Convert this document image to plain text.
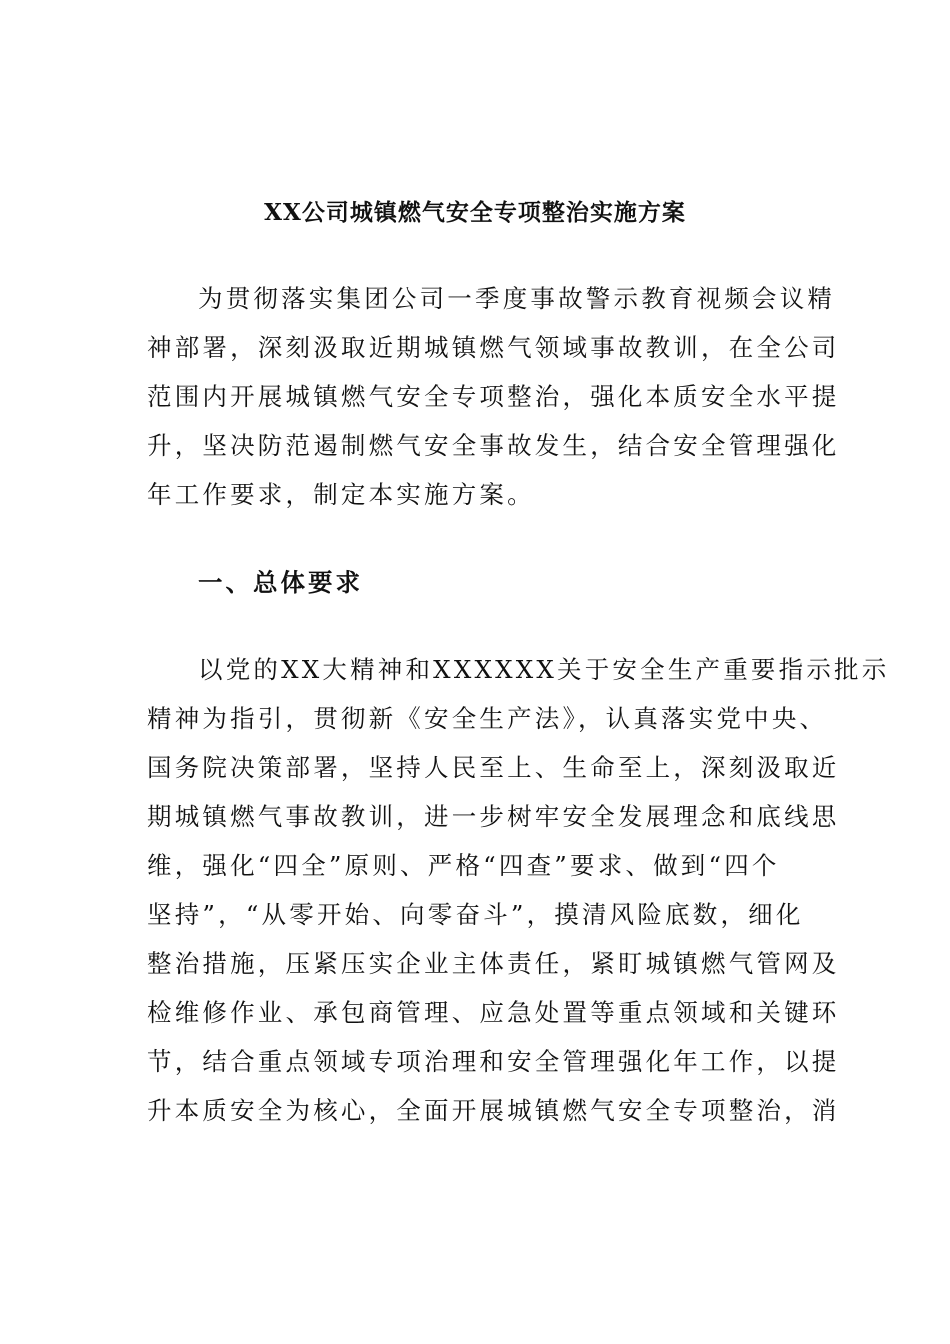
XX公司城镇燃气安全专项整治实施方案
为贯彻落实集团公司一季度事故警示教育视频会议精
神部署，深刻汲取近期城镇燃气领域事故教训，在全公司
范围内开展城镇燃气安全专项整治，强化本质安全水平提
升，坚决防范遏制燃气安全事故发生，结合安全管理强化
年工作要求，制定本实施方案。
一、总体要求
以党的XX大精神和XXXXXX关于安全生产重要指示批示
精神为指引，贯彻新《安全生产法》，认真落实党中央、
国务院决策部署，坚持人民至上、生命至上，深刻汲取近
期城镇燃气事故教训，进一步树牢安全发展理念和底线思
维，强化“四全”原则、严格“四查”要求、做到“四个
坚持”，“从零开始、向零奋斗”，摸清风险底数，细化
整治措施，压紧压实企业主体责任，紧盯城镇燃气管网及
检维修作业、承包商管理、应急处置等重点领域和关键环
节，结合重点领域专项治理和安全管理强化年工作，以提
升本质安全为核心，全面开展城镇燃气安全专项整治，消
